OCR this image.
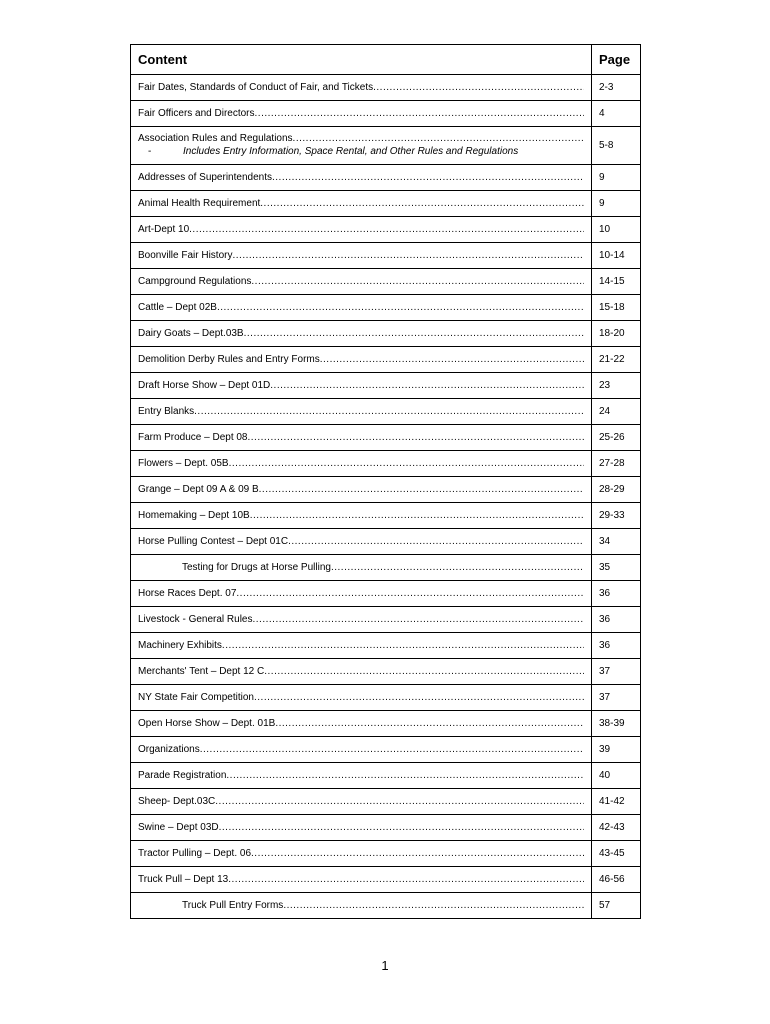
Content	Page

Fair Dates, Standards of Conduct of Fair, and Tickets
.....	2-3

Fair Officers and Directors
.....	4

Association Rules and Regulations
.....
- Includes Entry Information, Space Rental, and Other Rules and Regulations	5-8

Addresses of Superintendents
.....	9

Animal Health Requirement
.....	9

Art-Dept 10
.....	10

Boonville Fair History
.....	10-14

Campground Regulations
.....	14-15

Cattle – Dept 02B
.....	15-18

Dairy Goats – Dept.03B
.....	18-20

Demolition Derby Rules and Entry Forms
.....	21-22

Draft Horse Show – Dept 01D
.....	23

Entry Blanks
.....	24

Farm Produce – Dept 08
.....	25-26

Flowers – Dept. 05B
.....	27-28

Grange – Dept 09 A & 09 B
.....	28-29

Homemaking – Dept 10B
.....	29-33

Horse Pulling Contest – Dept 01C
.....	34

Testing for Drugs at Horse Pulling
.....	35

Horse Races Dept. 07
.....	36

Livestock - General Rules
.....	36

Machinery Exhibits
.....	36

Merchants' Tent – Dept 12 C
.....	37

NY State Fair Competition
.....	37

Open Horse Show – Dept. 01B
.....	38-39

Organizations
.....	39

Parade Registration
.....	40

Sheep- Dept.03C
.....	41-42

Swine – Dept 03D
.....	42-43

Tractor Pulling – Dept. 06
.....	43-45

Truck Pull – Dept 13
.....	46-56

Truck Pull Entry Forms
.....	57
1
